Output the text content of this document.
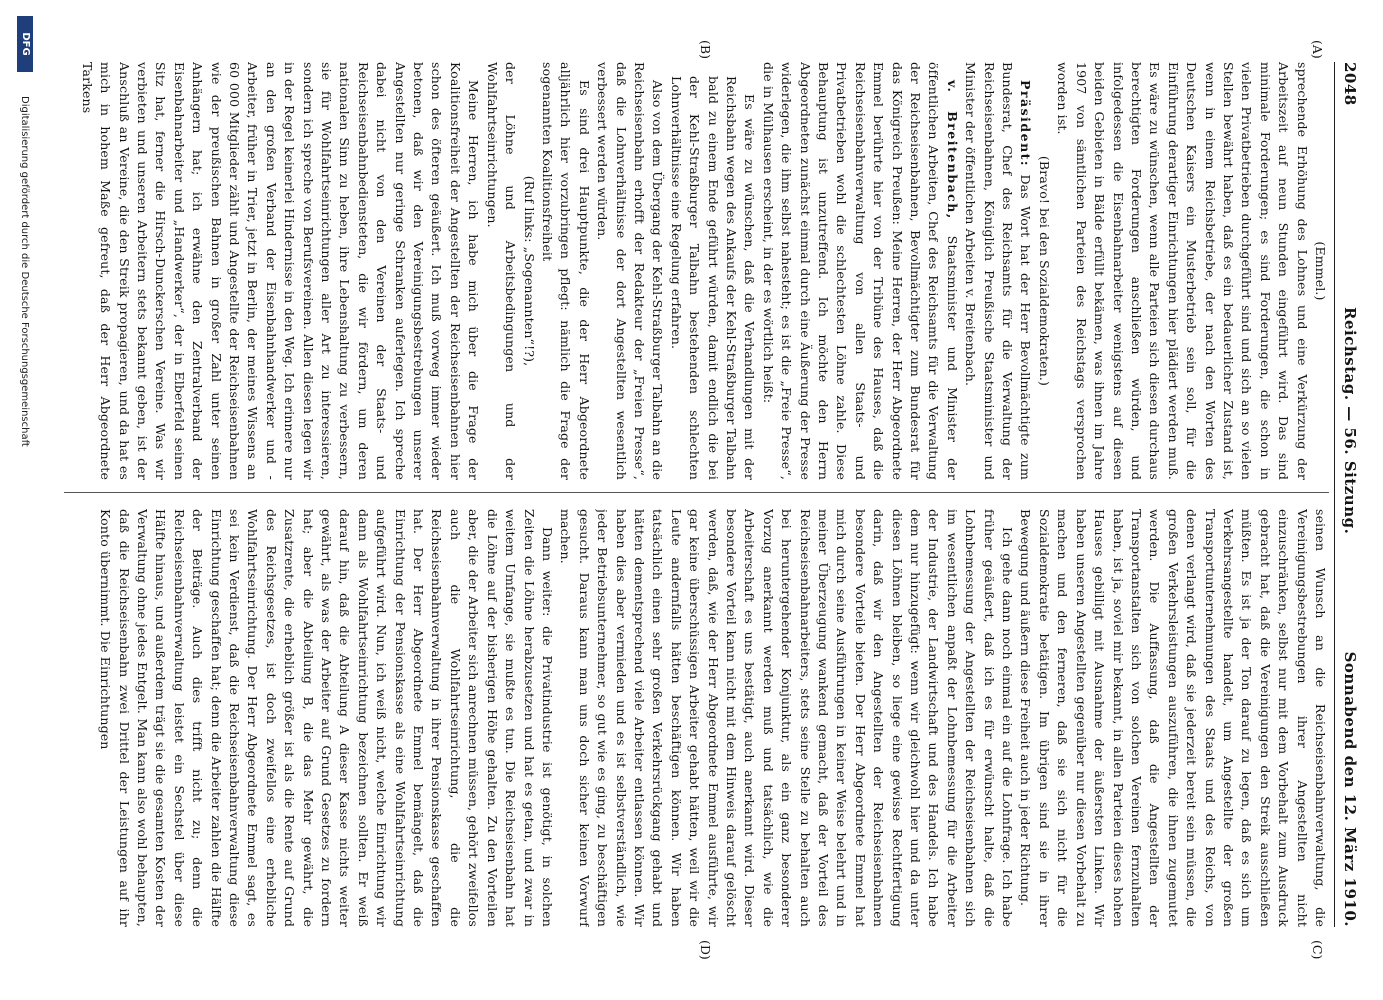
2048
Reichstag. — 56. Sitzung.
Sonnabend den 12. März 1910.
(A)
(B)
(C)
(D)

(Emmel.)

sprechende Erhöhung des Lohnes und eine Verkürzung der Arbeitszeit auf neun Stunden eingeführt wird. Das sind minimale Forderungen; es sind Forderungen, die schon in vielen Privatbetrieben durchgeführt sind und sich an so vielen Stellen bewährt haben, daß es ein bedauerlicher Zustand ist, wenn in einem Reichsbetriebe, der nach den Worten des Deutschen Kaisers ein Musterbetrieb sein soll, für die Einführung derartiger Einrichtungen hier plädiert werden muß. Es wäre zu wünschen, wenn alle Parteien sich diesen durchaus berechtigten Forderungen anschließen würden, und infolgedessen die Eisenbahnarbeiter wenigstens auf diesen beiden Gebieten in Bälde erfüllt bekämen, was ihnen im Jahre 1907 von sämtlichen Parteien des Reichstags versprochen worden ist.

(Bravo! bei den Sozialdemokraten.)

Präsident: Das Wort hat der Herr Bevollmächtigte zum Bundesrat, Chef des Reichsamts für die Verwaltung der Reichseisenbahnen, Königlich Preußische Staatsminister und Minister der öffentlichen Arbeiten v. Breitenbach.

v. Breitenbach, Staatsminister und Minister der öffentlichen Arbeiten, Chef des Reichsamts für die Verwaltung der Reichseisenbahnen, Bevollmächtigter zum Bundesrat für das Königreich Preußen: Meine Herren, der Herr Abgeordnete Emmel berührte hier von der Tribüne des Hauses, daß die Reichseisenbahnverwaltung von allen Staats- und Privatbetrieben wohl die schlechtesten Löhne zahle. Diese Behauptung ist unzutreffend. Ich möchte den Herrn Abgeordneten zunächst einmal durch eine Äußerung der Presse widerlegen, die ihm selbst nahesteht; es ist die „Freie Presse“, die in Mülhausen erscheint, in der es wörtlich heißt:

Es wäre zu wünschen, daß die Verhandlungen mit der Reichsbahn wegen des Ankaufs der Kehl-Straßburger Talbahn bald zu einem Ende geführt würden, damit endlich die bei der Kehl-Straßburger Talbahn bestehenden schlechten Lohnverhältnisse eine Regelung erfahren.

Also von dem Übergang der Kehl-Straßburger Talbahn an die Reichseisenbahn erhofft der Redakteur der „Freien Presse“, daß die Lohnverhältnisse der dort Angestellten wesentlich verbessert werden würden.

Es sind drei Hauptpunkte, die der Herr Abgeordnete alljährlich hier vorzubringen pflegt: nämlich die Frage der sogenannten Koalitionsfreiheit

(Ruf links: „Sogenannten“!?),

der Löhne und Arbeitsbedingungen und der Wohlfahrtseinrichtungen.

Meine Herren, ich habe mich über die Frage der Koalitionsfreiheit der Angestellten der Reichseisenbahnen hier schon des öfteren geäußert. Ich muß vorweg immer wieder betonen, daß wir den Vereinigungsbestrebungen unserer Angestellten nur geringe Schranken auferlegen. Ich spreche dabei nicht von den Vereinen der Staats- und Reichseisenbahnbediensteten, die wir fördern, um deren nationalen Sinn zu heben, ihre Lebenshaltung zu verbessern, sie für Wohlfahrtseinrichtungen aller Art zu interessieren, sondern ich spreche von Berufsvereinen. Allen diesen legen wir in der Regel keinerlei Hindernisse in den Weg. Ich erinnere nur an den großen Verband der Eisenbahnhandwerker und -Arbeiter, früher in Trier, jetzt in Berlin, der meines Wissens an 60 000 Mitglieder zählt und Angestellte der Reichseisenbahnen wie der preußischen Bahnen in großer Zahl unter seinen Anhängern hat; ich erwähne den Zentralverband der Eisenbahnarbeiter und „Handwerker“, der in Elberfeld seinen Sitz hat, ferner die Hirsch-Dunckerschen Vereine. Was wir verbieten und unseren Arbeitern stets bekannt geben, ist der Anschluß an Vereine, die den Streik propagieren, und da hat es mich in hohem Maße gefreut, daß der Herr Abgeordnete Tarkens

seinen Wunsch an die Reichseisenbahnverwaltung, die Vereinigungsbestrebungen ihrer Angestellten nicht einzuschränken, selbst nur mit dem Vorbehalt zum Ausdruck gebracht hat, daß die Vereinigungen den Streik ausschließen müßten. Es ist ja der Ton darauf zu legen, daß es sich um Verkehrsangestellte handelt, um Angestellte der großen Transportunternehmungen des Staats und des Reichs, von denen verlangt wird, daß sie jederzeit bereit sein müssen, die großen Verkehrsleistungen auszuführen, die ihnen zugemutet werden. Die Auffassung, daß die Angestellten der Transportanstalten sich von solchen Vereinen fernzuhalten haben, ist ja, soviel mir bekannt, in allen Parteien dieses hohen Hauses gebilligt mit Ausnahme der äußersten Linken. Wir haben unseren Angestellten gegenüber nur diesen Vorbehalt zu machen und den ferneren, daß sie sich nicht für die Sozialdemokratie betätigen. Im übrigen sind sie in ihrer Bewegung und äußern diese Freiheit auch in jeder Richtung.

Ich gehe dann noch einmal ein auf die Lohnfrage. Ich habe früher geäußert, daß ich es für erwünscht halte, daß die Lohnbemessung der Angestellten der Reichseisenbahnen sich im wesentlichen anpaßt der Lohnbemessung für die Arbeiter der Industrie, der Landwirtschaft und des Handels. Ich habe dem nur hinzugefügt: wenn wir gleichwohl hier und da unter diesen Löhnen bleiben, so liege eine gewisse Rechtfertigung darin, daß wir den Angestellten der Reichseisenbahnen besondere Vorteile bieten. Der Herr Abgeordnete Emmel hat mich durch seine Ausführungen in keiner Weise belehrt und in meiner Überzeugung wankend gemacht, daß der Vorteil des Reichseisenbahnarbeiters, stets seine Stelle zu behalten auch bei heruntergehender Konjunktur, als ein ganz besonderer Vorzug anerkannt werden muß und tatsächlich, wie die Arbeiterschaft es uns bestätigt, auch anerkannt wird. Dieser besondere Vorteil kann nicht mit dem Hinweis darauf gelöscht werden, daß, wie der Herr Abgeordnete Emmel ausführte, wir gar keine überschüssigen Arbeiter gehabt hätten, weil wir die Leute andernfalls hätten beschäftigen können. Wir haben tatsächlich einen sehr großen Verkehrsrückgang gehabt und hätten dementsprechend viele Arbeiter entlassen können. Wir haben dies aber vermieden und es ist selbstverständlich, wie jeder Betriebsunternehmer, so gut wie es ging, zu beschäftigen gesucht. Daraus kann man uns doch sicher keinen Vorwurf machen.

Dann weiter: die Privatindustrie ist genötigt, in solchen Zeiten die Löhne herabzusetzen und hat es getan, und zwar in weitem Umfange, sie mußte es tun. Die Reichseisenbahn hat die Löhne auf der bisherigen Höhe gehalten. Zu den Vorteilen aber, die der Arbeiter sich anrechnen müssen, gehört zweifellos auch die Wohlfahrtseinrichtung, die die Reichseisenbahnverwaltung in ihrer Pensionskasse geschaffen hat. Der Herr Abgeordnete Emmel bemängelt, daß die Einrichtung der Pensionskasse als eine Wohlfahrtseinrichtung aufgeführt wird. Nun, ich weiß nicht, welche Einrichtung wir dann als Wohlfahrtseinrichtung bezeichnen sollten. Er weiß darauf hin, daß die Abteilung A dieser Kasse nichts weiter gewährt, als was der Arbeiter auf Grund Gesetzes zu fordern hat; aber die Abteilung B, die das Mehr gewährt, die Zusatzrente, die erheblich größer ist als die Rente auf Grund des Reichsgesetzes, ist doch zweifellos eine erhebliche Wohlfahrtseinrichtung. Der Herr Abgeordnete Emmel sagt, es sei kein Verdienst, daß die Reichseisenbahnverwaltung diese Einrichtung geschaffen hat; denn die Arbeiter zahlen die Hälfte der Beiträge. Auch dies trifft nicht zu; denn die Reichseisenbahnverwaltung leistet ein Sechstel über diese Hälfte hinaus, und außerdem trägt sie die gesamten Kosten der Verwaltung ohne jedes Entgelt. Man kann also wohl behaupten, daß die Reichseisenbahn zwei Drittel der Leistungen auf ihr Konto übernimmt. Die Einrichtungen

DFG
Digitalisierung gefördert durch die Deutsche Forschungsgemeinschaft
